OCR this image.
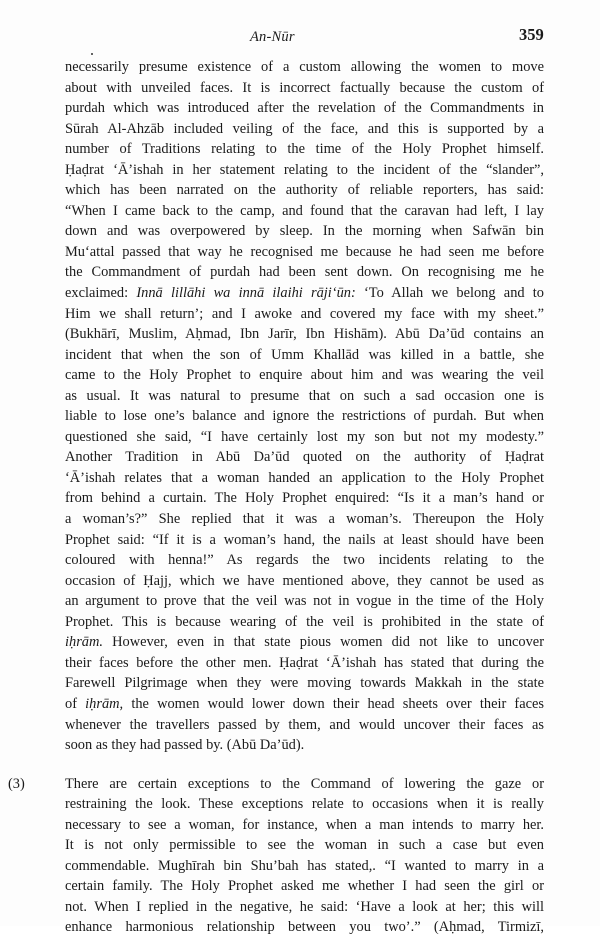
An-Nūr	359
necessarily presume existence of a custom allowing the women to move
about with unveiled faces. It is incorrect factually because the custom of
purdah which was introduced after the revelation of the Commandments in
Sūrah Al-Ahzāb included veiling of the face, and this is supported by a
number of Traditions relating to the time of the Holy Prophet himself.
Ḥaḍrat ‘Ā’ishah in her statement relating to the incident of the “slander”,
which has been narrated on the authority of reliable reporters, has said:
“When I came back to the camp, and found that the caravan had left, I lay
down and was overpowered by sleep. In the morning when Safwān bin
Mu‘attal passed that way he recognised me because he had seen me before
the Commandment of purdah had been sent down. On recognising me he
exclaimed: Innā lillāhi wa innā ilaihi rāji‘ūn: ‘To Allah we belong and to
Him we shall return’; and I awoke and covered my face with my sheet.”
(Bukhārī, Muslim, Aḥmad, Ibn Jarīr, Ibn Hishām). Abū Da’ūd contains an
incident that when the son of Umm Khallād was killed in a battle, she
came to the Holy Prophet to enquire about him and was wearing the veil
as usual. It was natural to presume that on such a sad occasion one is
liable to lose one’s balance and ignore the restrictions of purdah. But when
questioned she said, “I have certainly lost my son but not my modesty.”
Another Tradition in Abū Da’ūd quoted on the authority of Ḥaḍrat
‘Ā’ishah relates that a woman handed an application to the Holy Prophet
from behind a curtain. The Holy Prophet enquired: “Is it a man’s hand or
a woman’s?” She replied that it was a woman’s. Thereupon the Holy
Prophet said: “If it is a woman’s hand, the nails at least should have been
coloured with henna!” As regards the two incidents relating to the
occasion of Ḥajj, which we have mentioned above, they cannot be used as
an argument to prove that the veil was not in vogue in the time of the Holy
Prophet. This is because wearing of the veil is prohibited in the state of
iḥrām. However, even in that state pious women did not like to uncover
their faces before the other men. Ḥaḍrat ‘Ā’ishah has stated that during the
Farewell Pilgrimage when they were moving towards Makkah in the state
of iḥrām, the women would lower down their head sheets over their faces
whenever the travellers passed by them, and would uncover their faces as
soon as they had passed by. (Abū Da’ūd).
(3)	There are certain exceptions to the Command of lowering the gaze or
restraining the look. These exceptions relate to occasions when it is really
necessary to see a woman, for instance, when a man intends to marry her.
It is not only permissible to see the woman in such a case but even
commendable. Mughīrah bin Shu’bah has stated,. “I wanted to marry in a
certain family. The Holy Prophet asked me whether I had seen the girl or
not. When I replied in the negative, he said: ‘Have a look at her; this will
enhance harmonious relationship between you two’.” (Aḥmad, Tirmizī,
